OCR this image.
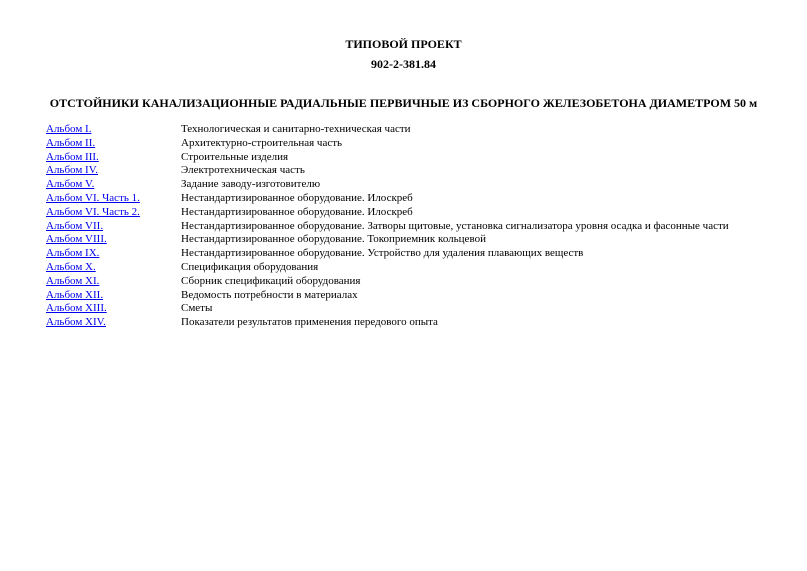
ТИПОВОЙ ПРОЕКТ
902-2-381.84
ОТСТОЙНИКИ КАНАЛИЗАЦИОННЫЕ РАДИАЛЬНЫЕ ПЕРВИЧНЫЕ ИЗ СБОРНОГО ЖЕЛЕЗОБЕТОНА ДИАМЕТРОМ 50 м
Альбом I.	Технологическая и санитарно-техническая части
Альбом II.	Архитектурно-строительная часть
Альбом III.	Строительные изделия
Альбом IV.	Электротехническая часть
Альбом V.	Задание заводу-изготовителю
Альбом VI. Часть 1.	Нестандартизированное оборудование. Илоскреб
Альбом VI. Часть 2.	Нестандартизированное оборудование. Илоскреб
Альбом VII.	Нестандартизированное оборудование. Затворы щитовые, установка сигнализатора уровня осадка и фасонные части
Альбом VIII.	Нестандартизированное оборудование. Токоприемник кольцевой
Альбом IX.	Нестандартизированное оборудование. Устройство для удаления плавающих веществ
Альбом X.	Спецификация оборудования
Альбом XI.	Сборник спецификаций оборудования
Альбом XII.	Ведомость потребности в материалах
Альбом XIII.	Сметы
Альбом XIV.	Показатели результатов применения передового опыта
